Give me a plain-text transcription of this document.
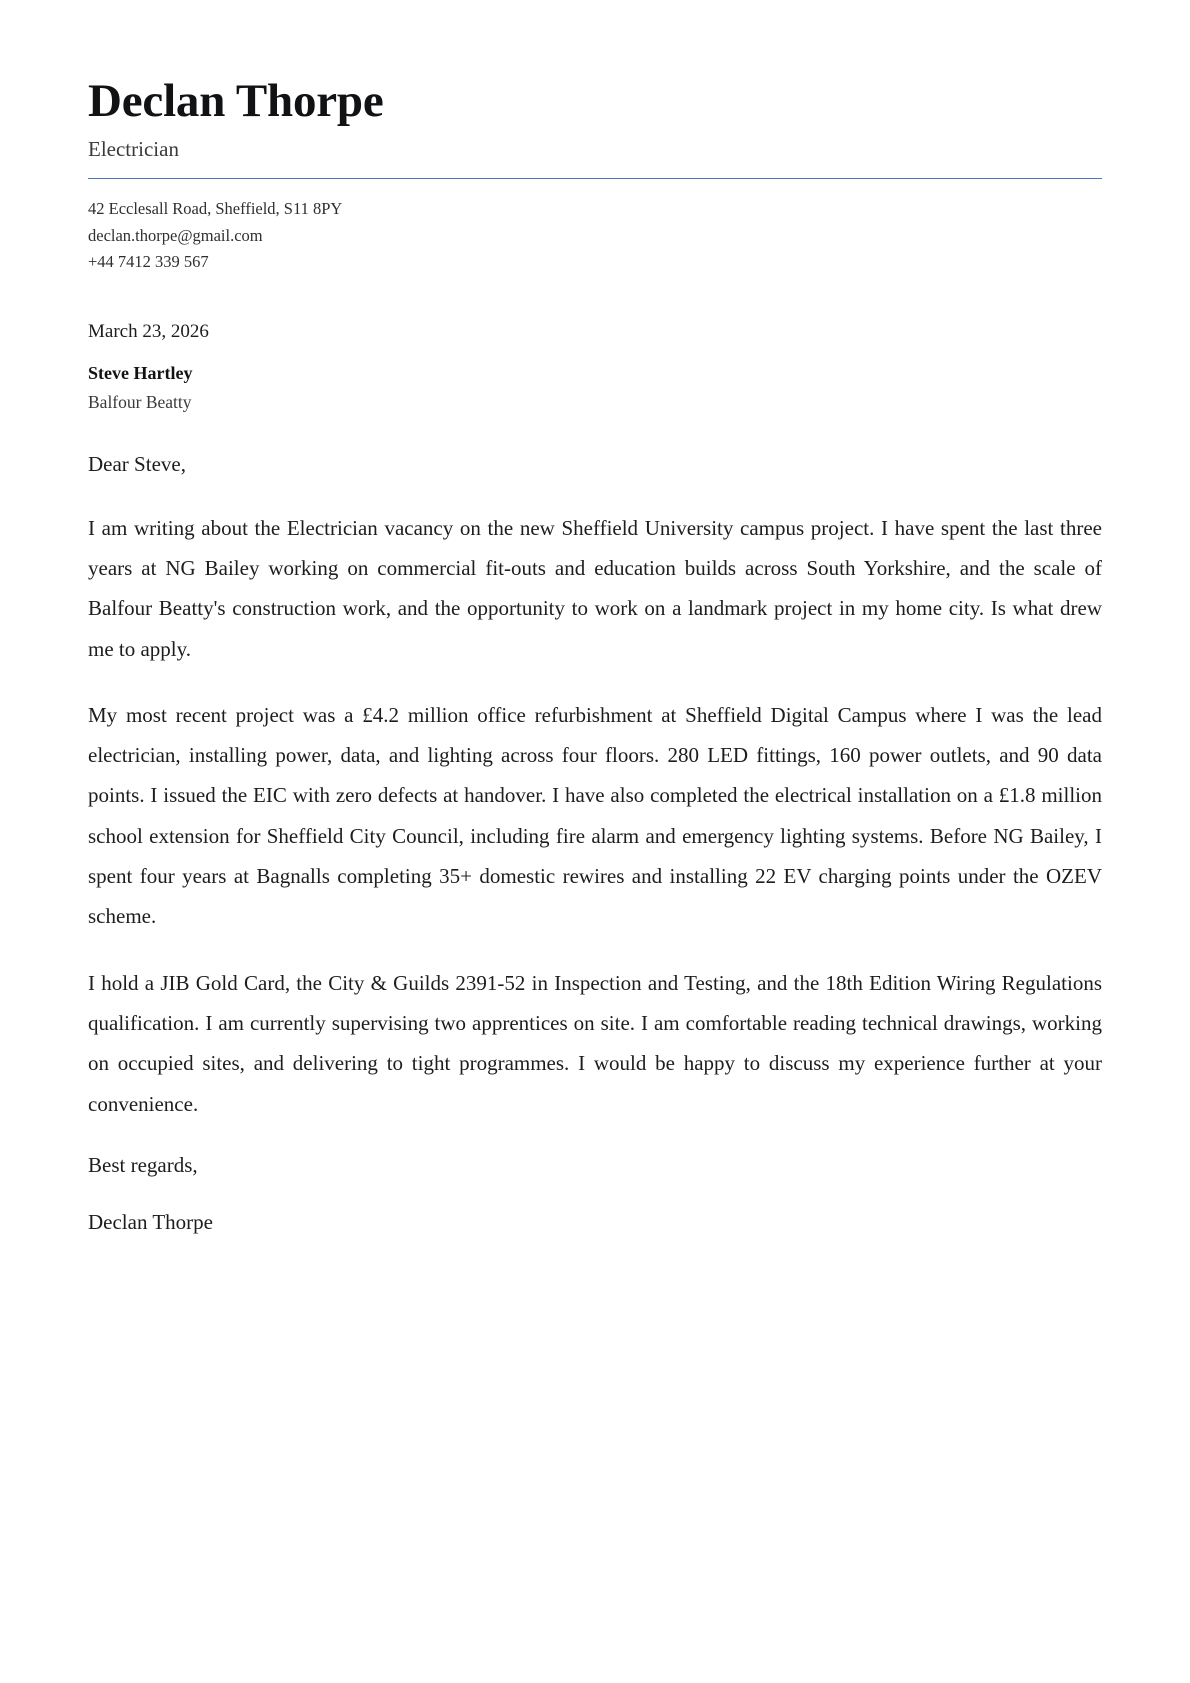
Declan Thorpe
Electrician
42 Ecclesall Road, Sheffield, S11 8PY
declan.thorpe@gmail.com
+44 7412 339 567
March 23, 2026
Steve Hartley
Balfour Beatty

Dear Steve,

I am writing about the Electrician vacancy on the new Sheffield University campus project. I have spent the last three years at NG Bailey working on commercial fit-outs and education builds across South Yorkshire, and the scale of Balfour Beatty's construction work, and the opportunity to work on a landmark project in my home city. Is what drew me to apply.

My most recent project was a £4.2 million office refurbishment at Sheffield Digital Campus where I was the lead electrician, installing power, data, and lighting across four floors. 280 LED fittings, 160 power outlets, and 90 data points. I issued the EIC with zero defects at handover. I have also completed the electrical installation on a £1.8 million school extension for Sheffield City Council, including fire alarm and emergency lighting systems. Before NG Bailey, I spent four years at Bagnalls completing 35+ domestic rewires and installing 22 EV charging points under the OZEV scheme.

I hold a JIB Gold Card, the City & Guilds 2391-52 in Inspection and Testing, and the 18th Edition Wiring Regulations qualification. I am currently supervising two apprentices on site. I am comfortable reading technical drawings, working on occupied sites, and delivering to tight programmes. I would be happy to discuss my experience further at your convenience.

Best regards,

Declan Thorpe
